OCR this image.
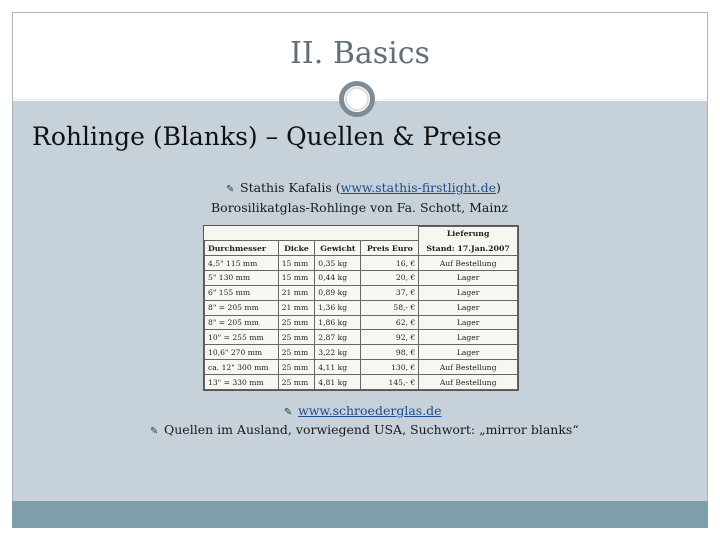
II. Basics
Rohlinge (Blanks) – Quellen & Preise
✎ Stathis Kafalis (www.stathis-firstlight.de)
Borosilikatglas-Rohlinge von Fa. Schott, Mainz
				Lieferung
Durchmesser	Dicke	Gewicht	Preis Euro	Stand: 17.Jan.2007
4,5" 115 mm	15 mm	0,35 kg	16, €	Auf Bestellung
5" 130 mm	15 mm	0,44 kg	20, €	Lager
6" 155 mm	21 mm	0,89 kg	37, €	Lager
8" = 205 mm	21 mm	1,36 kg	58,- €	Lager
8" = 205 mm	25 mm	1,86 kg	62, €	Lager
10" = 255 mm	25 mm	2,87 kg	92, €	Lager
10,6" 270 mm	25 mm	3,22 kg	98, €	Lager
ca. 12" 300 mm	25 mm	4,11 kg	130, €	Auf Bestellung
13" = 330 mm	25 mm	4,81 kg	145,- €	Auf Bestellung
✎ www.schroederglas.de
✎ Quellen im Ausland, vorwiegend USA, Suchwort: „mirror blanks“
